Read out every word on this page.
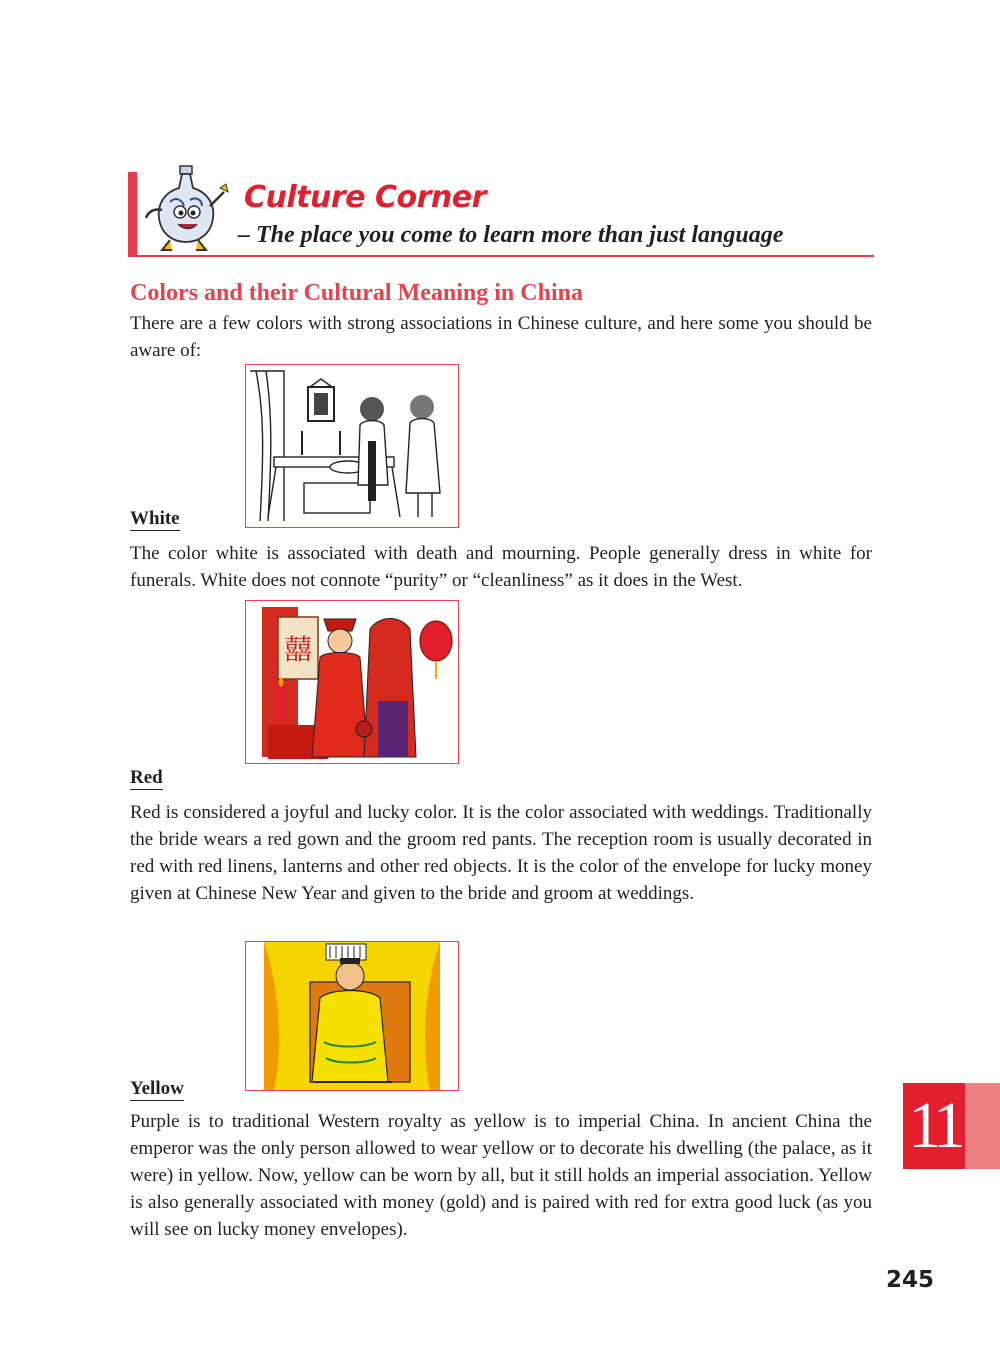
Culture Corner
– The place you come to learn more than just language
Colors and their Cultural Meaning in China
There are a few colors with strong associations in Chinese culture, and here some you should be aware of:
White
The color white is associated with death and mourning. People generally dress in white for funerals. White does not connote “purity” or “cleanliness” as it does in the West.
囍
Red
Red is considered a joyful and lucky color. It is the color associated with weddings. Traditionally the bride wears a red gown and the groom red pants. The reception room is usually decorated in red with red linens, lanterns and other red objects. It is the color of the envelope for lucky money given at Chinese New Year and given to the bride and groom at weddings.
Yellow
Purple is to traditional Western royalty as yellow is to imperial China. In ancient China the emperor was the only person allowed to wear yellow or to decorate his dwelling (the palace, as it were) in yellow. Now, yellow can be worn by all, but it still holds an imperial association. Yellow is also generally associated with money (gold) and is paired with red for extra good luck (as you will see on lucky money envelopes).
11
245
